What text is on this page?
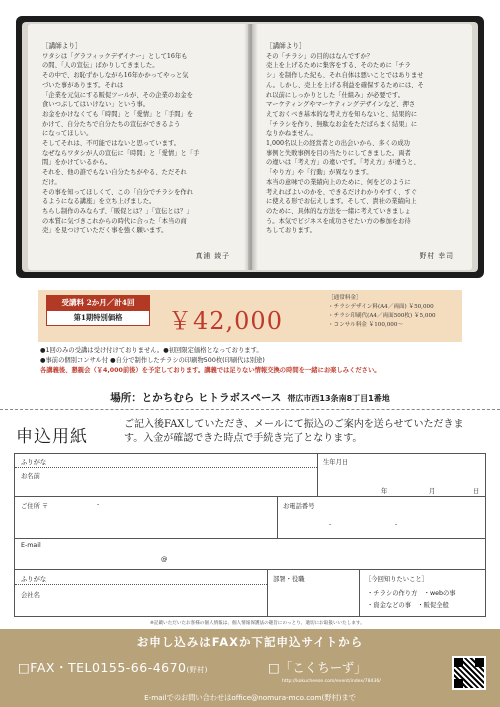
［講師より］

ワタシは「グラフィックデザイナー」として16年も

の間、「人の宣伝」ばかりしてきました。

その中で、お恥ずかしながら16年かかってやっと気

づいた事があります。それは

「企業を元気にする販促ツールが、その企業のお金を

食いつぶしてはいけない」という事。

お金をかけなくても「時間」と「愛情」と「手間」を

かけて、自分たちで自分たちの宣伝ができるよう

になってほしい。

そしてそれは、不可能ではないと思っています。

なぜならワタシが人の宣伝に「時間」と「愛情」と「手

間」をかけているから。

それを、他の誰でもない自分たちがやる、ただそれ

だけ。

その事を知ってほしくて、この「自分でチラシを作れ

るようになる講座」を立ち上げました。

ちらし制作のみならず、「販促とは？」「宣伝とは？」

の本質に気づきこれからの時代に合った「本当の商

売」を見つけていただく事を強く願います。

真浦 綾子

［講師より］

その「チラシ」の目的はなんですか？

売上を上げるために集客をする、そのために「チラ

シ」を制作した紀も、それ自体は悪いことではありませ

ん。しかし、売上を上げる利益を確保するためには、そ

れ以前にしっかりとした「仕組み」が必要です。

マーケティングやマーケティングデザインなど、押さ

えておくべき基本的な考え方を知らないと、結果的に

「チラシを作り、無駄なお金をただばらまく結果」に

なりかねません。

1,000名以上の経営者との出会いから、多くの成功

事例と失敗事例を目の当たりにしてきました。両者

の違いは「考え方」の違いです。「考え方」が違うと、

「やり方」や「行動」が異なります。

本当の意味での業績向上のために、何をどのように

考えればよいのかを、できるだけわかりやすく、すぐ

に使える形でお伝えします。そして、貴社の業績向上

のために、具体的な方法を一緒に考えていきましょ

う。本気でビジネスを成功させたい方の参加をお待

ちしております。

野村 幸司
受講料 2か月／計4回
第1期特別価格	￥42,000
［通常料金］
・チラシデザイン料(A4／両面) ￥50,000
・チラシ印刷代(A4／両面500枚) ￥5,000
・コンサル料金 ￥100,000～
●1回のみの受講は受け付けておりません。●初回限定価格となっております。
●事前の個別コンサル付 ●自分で制作したチラシの印刷物500枚(印刷代は別途)
各講義後、懇親会（￥4,000前後）を予定しております。講義では足りない情報交換の時間を一緒にお楽しみください。
場所：とかちむら ヒトラボスペース 帯広市西13条南8丁目1番地
申込用紙
ご記入後FAXしていただき、メールにて振込のご案内を送らせていただきます。入金が確認できた時点で手続き完了となります。
ふりがな
お名前
生年月日
年	月	日
ご住所 〒	-	お電話番号
-	-
E-mail
@
ふりがな
会社名
部署・役職	［今回知りたいこと］
・チラシの作り方　・webの事
・資金などの事　・販促全般
※記載いただいたお客様の個人情報は、個人情報保護法の趣旨にのっとり、適切にお取扱いいたします。
お申し込みはFAXか下記申込サイトから
□FAX・TEL0155-66-4670(野村)	□「こくちーず」
http://kokucheese.com/event/index/78436/
E-mailでのお問い合わせはoffice@nomura-mco.com(野村)まで
